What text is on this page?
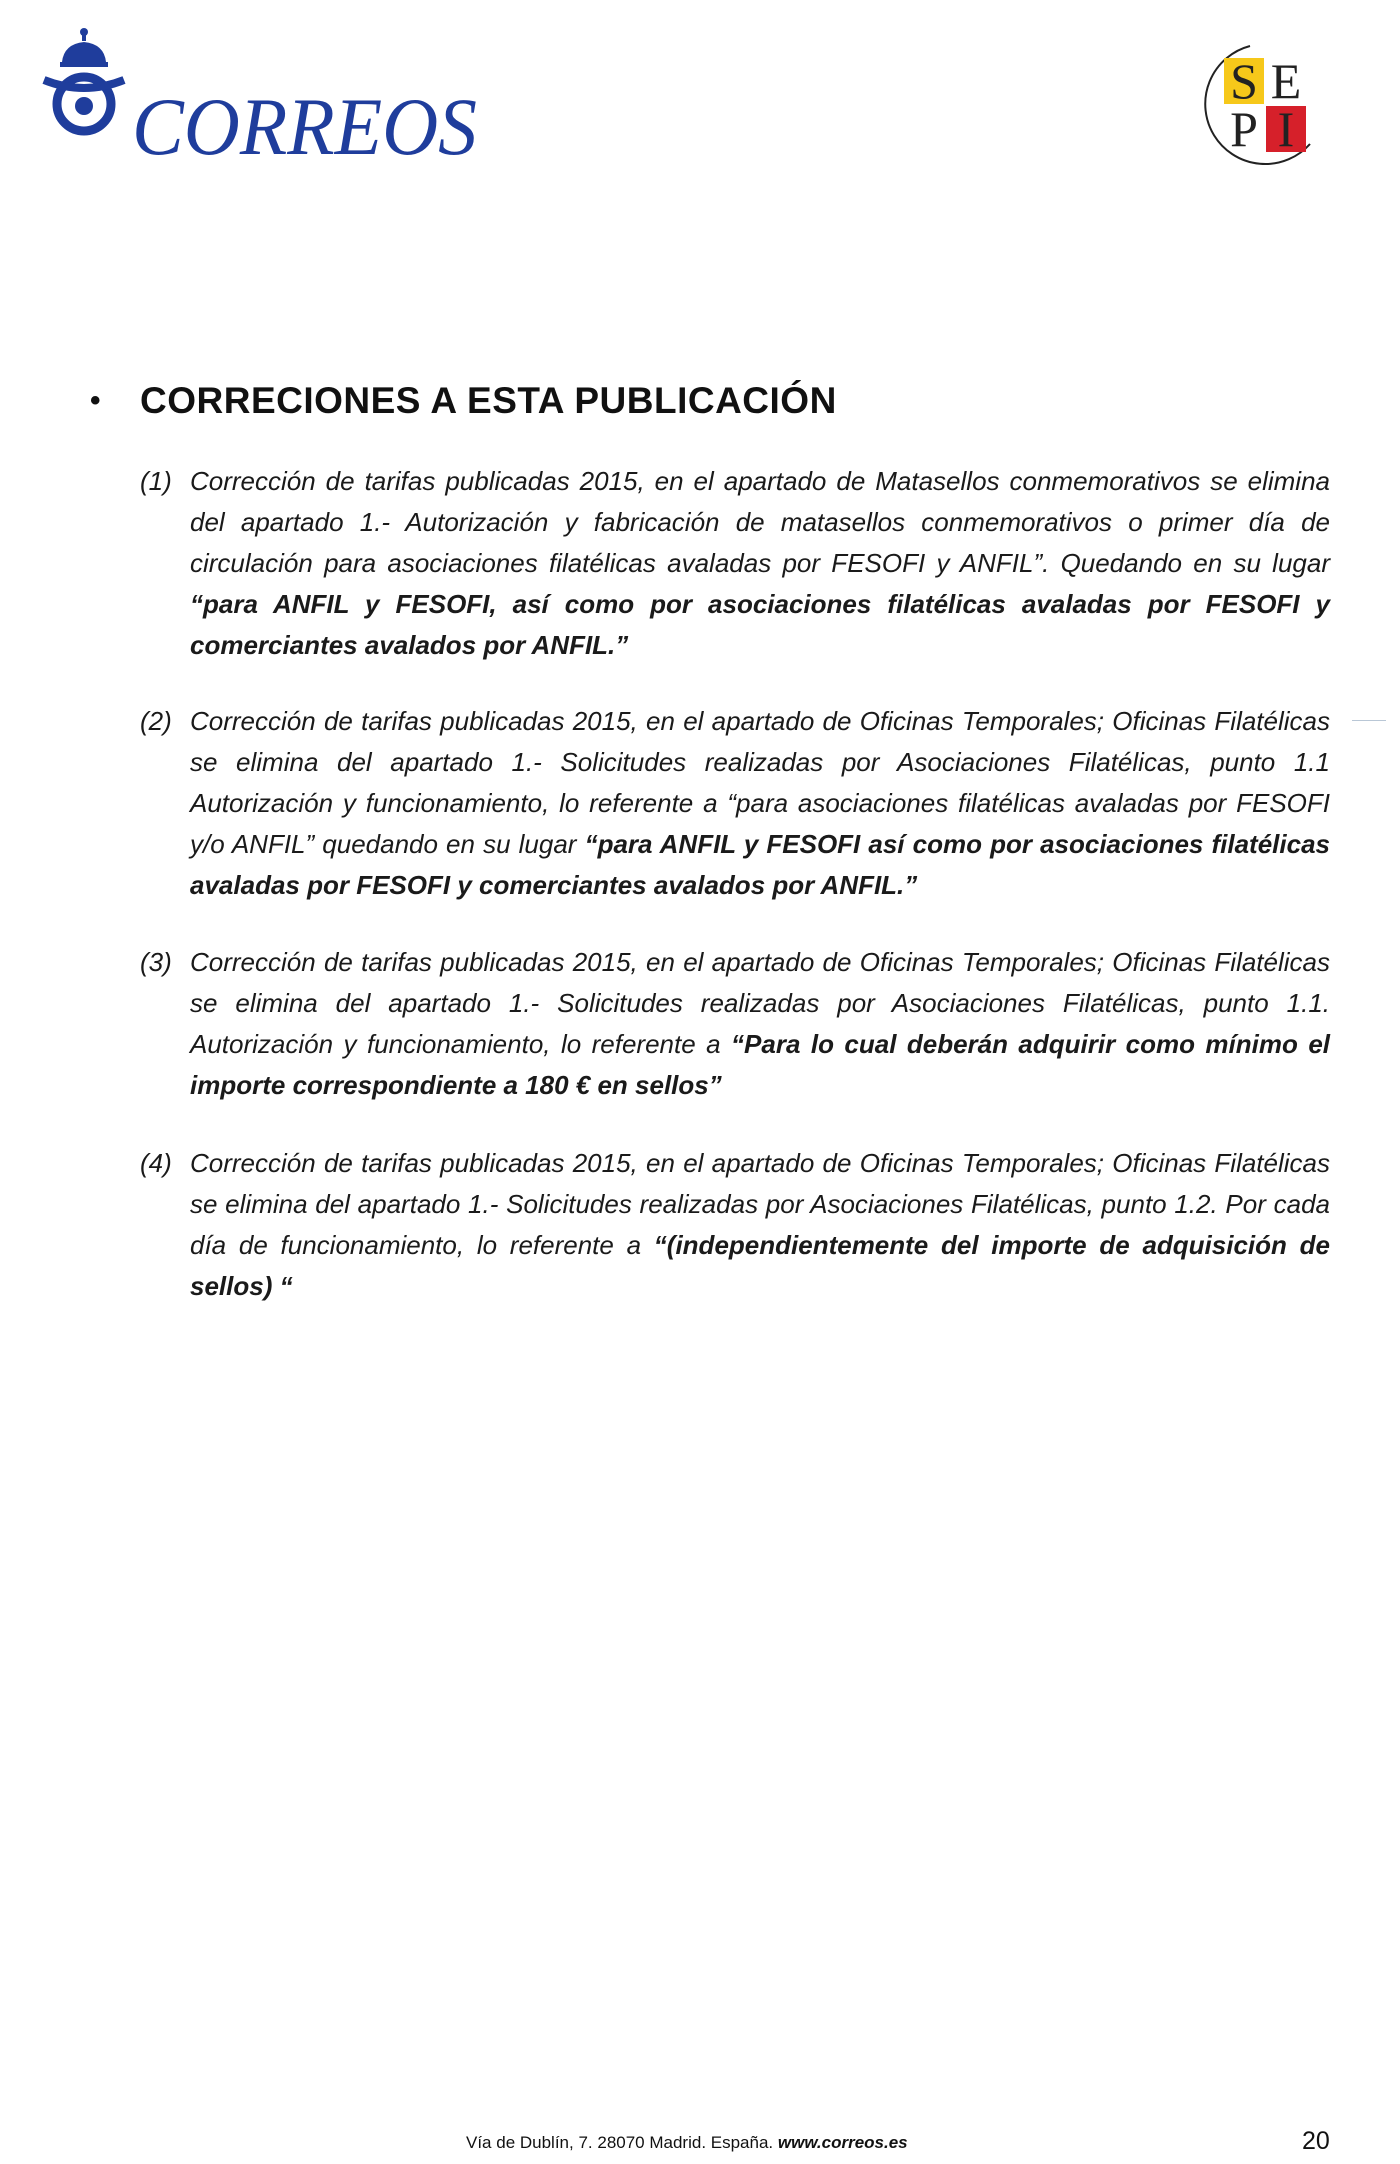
CORREOS	S E
P I
• CORRECIONES A ESTA PUBLICACIÓN
(1) Corrección de tarifas publicadas 2015, en el apartado de Matasellos conmemorativos se elimina del apartado 1.- Autorización y fabricación de matasellos conmemorativos o primer día de circulación para asociaciones filatélicas avaladas por FESOFI y ANFIL”. Quedando en su lugar “para ANFIL y FESOFI, así como por asociaciones filatélicas avaladas por FESOFI y comerciantes avalados por ANFIL.”
(2) Corrección de tarifas publicadas 2015, en el apartado de Oficinas Temporales; Oficinas Filatélicas se elimina del apartado 1.- Solicitudes realizadas por Asociaciones Filatélicas, punto 1.1 Autorización y funcionamiento, lo referente a “para asociaciones filatélicas avaladas por FESOFI y/o ANFIL” quedando en su lugar “para ANFIL y FESOFI así como por asociaciones filatélicas avaladas por FESOFI y comerciantes avalados por ANFIL.”
(3) Corrección de tarifas publicadas 2015, en el apartado de Oficinas Temporales; Oficinas Filatélicas se elimina del apartado 1.- Solicitudes realizadas por Asociaciones Filatélicas, punto 1.1. Autorización y funcionamiento, lo referente a “Para lo cual deberán adquirir como mínimo el importe correspondiente a 180 € en sellos”
(4) Corrección de tarifas publicadas 2015, en el apartado de Oficinas Temporales; Oficinas Filatélicas se elimina del apartado 1.- Solicitudes realizadas por Asociaciones Filatélicas, punto 1.2. Por cada día de funcionamiento, lo referente a “(independientemente del importe de adquisición de sellos) “
Vía de Dublín, 7. 28070 Madrid. España. www.correos.es	20
